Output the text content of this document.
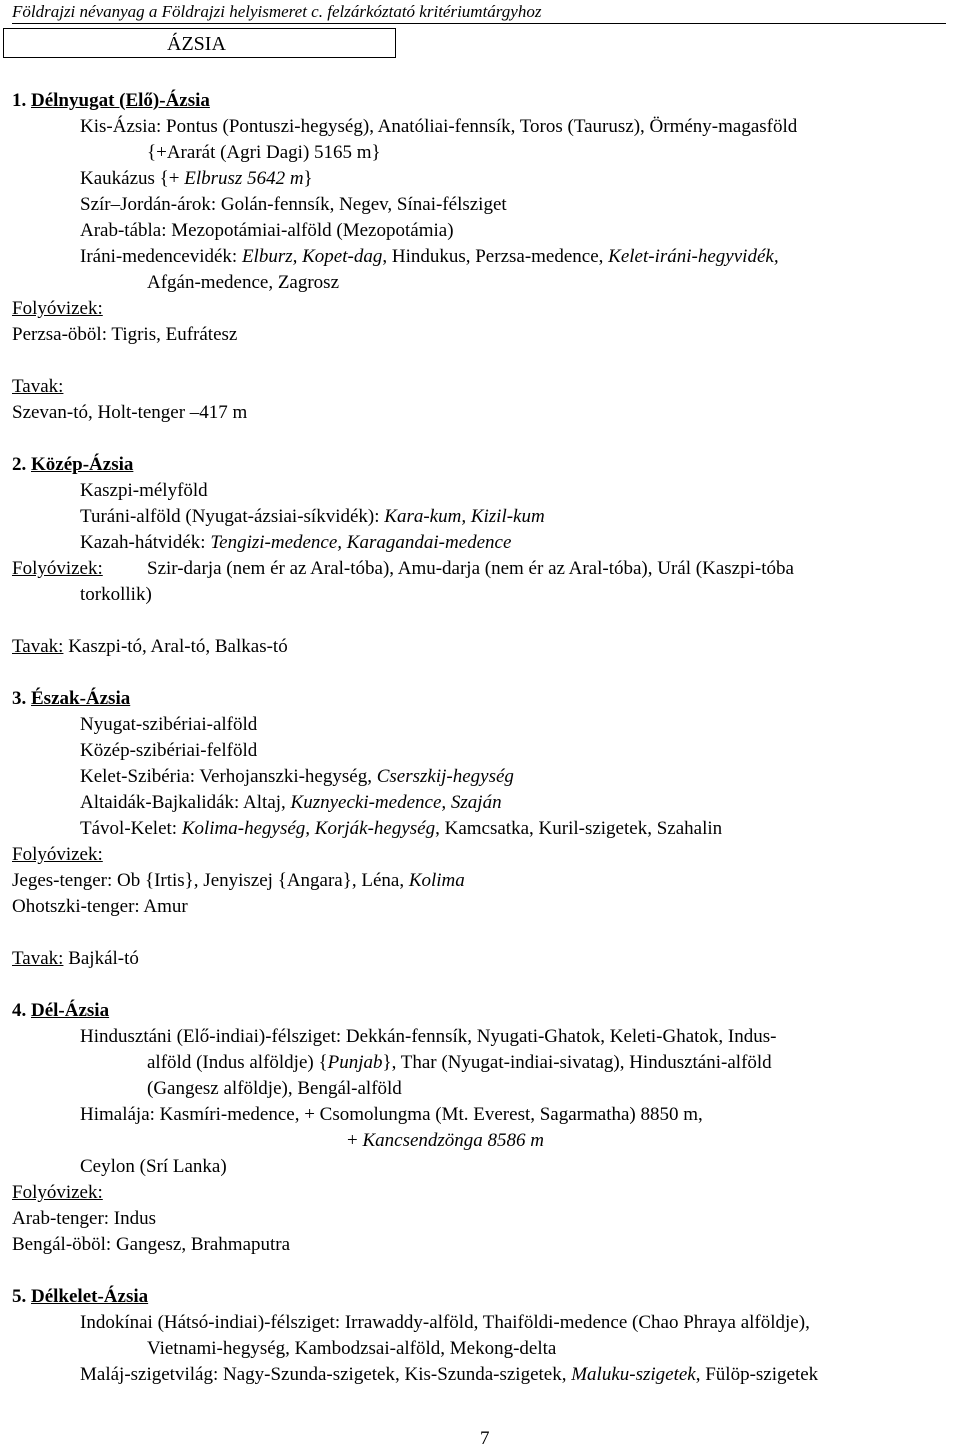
Földrajzi névanyag a Földrajzi helyismeret c. felzárkóztató kritériumtárgyhoz
ÁZSIA
1. Délnyugat (Elő)-Ázsia
Kis-Ázsia: Pontus (Pontuszi-hegység), Anatóliai-fennsík, Toros (Taurusz), Örmény-magasföld
{+Ararát (Agri Dagi) 5165 m}
Kaukázus {+ Elbrusz 5642 m}
Szír–Jordán-árok: Golán-fennsík, Negev, Sínai-félsziget
Arab-tábla: Mezopotámiai-alföld (Mezopotámia)
Iráni-medencevidék: Elburz, Kopet-dag, Hindukus, Perzsa-medence, Kelet-iráni-hegyvidék,
Afgán-medence, Zagrosz
Folyóvizek:
Perzsa-öböl: Tigris, Eufrátesz
Tavak:
Szevan-tó, Holt-tenger –417 m
2. Közép-Ázsia
Kaszpi-mélyföld
Turáni-alföld (Nyugat-ázsiai-síkvidék): Kara-kum, Kizil-kum
Kazah-hátvidék: Tengizi-medence, Karagandai-medence
Folyóvizek: Szir-darja (nem ér az Aral-tóba), Amu-darja (nem ér az Aral-tóba), Urál (Kaszpi-tóba
torkollik)
Tavak: Kaszpi-tó, Aral-tó, Balkas-tó
3. Észak-Ázsia
Nyugat-szibériai-alföld
Közép-szibériai-felföld
Kelet-Szibéria: Verhojanszki-hegység, Cserszkij-hegység
Altaidák-Bajkalidák: Altaj, Kuznyecki-medence, Szaján
Távol-Kelet: Kolima-hegység, Korják-hegység, Kamcsatka, Kuril-szigetek, Szahalin
Folyóvizek:
Jeges-tenger: Ob {Irtis}, Jenyiszej {Angara}, Léna, Kolima
Ohotszki-tenger: Amur
Tavak: Bajkál-tó
4. Dél-Ázsia
Hindusztáni (Elő-indiai)-félsziget: Dekkán-fennsík, Nyugati-Ghatok, Keleti-Ghatok, Indus-
alföld (Indus alföldje) {Punjab}, Thar (Nyugat-indiai-sivatag), Hindusztáni-alföld
(Gangesz alföldje), Bengál-alföld
Himalája: Kasmíri-medence, + Csomolungma (Mt. Everest, Sagarmatha) 8850 m,
+ Kancsendzönga 8586 m
Ceylon (Srí Lanka)
Folyóvizek:
Arab-tenger: Indus
Bengál-öböl: Gangesz, Brahmaputra
5. Délkelet-Ázsia
Indokínai (Hátsó-indiai)-félsziget: Irrawaddy-alföld, Thaiföldi-medence (Chao Phraya alföldje),
Vietnami-hegység, Kambodzsai-alföld, Mekong-delta
Maláj-szigetvilág: Nagy-Szunda-szigetek, Kis-Szunda-szigetek, Maluku-szigetek, Fülöp-szigetek
7
